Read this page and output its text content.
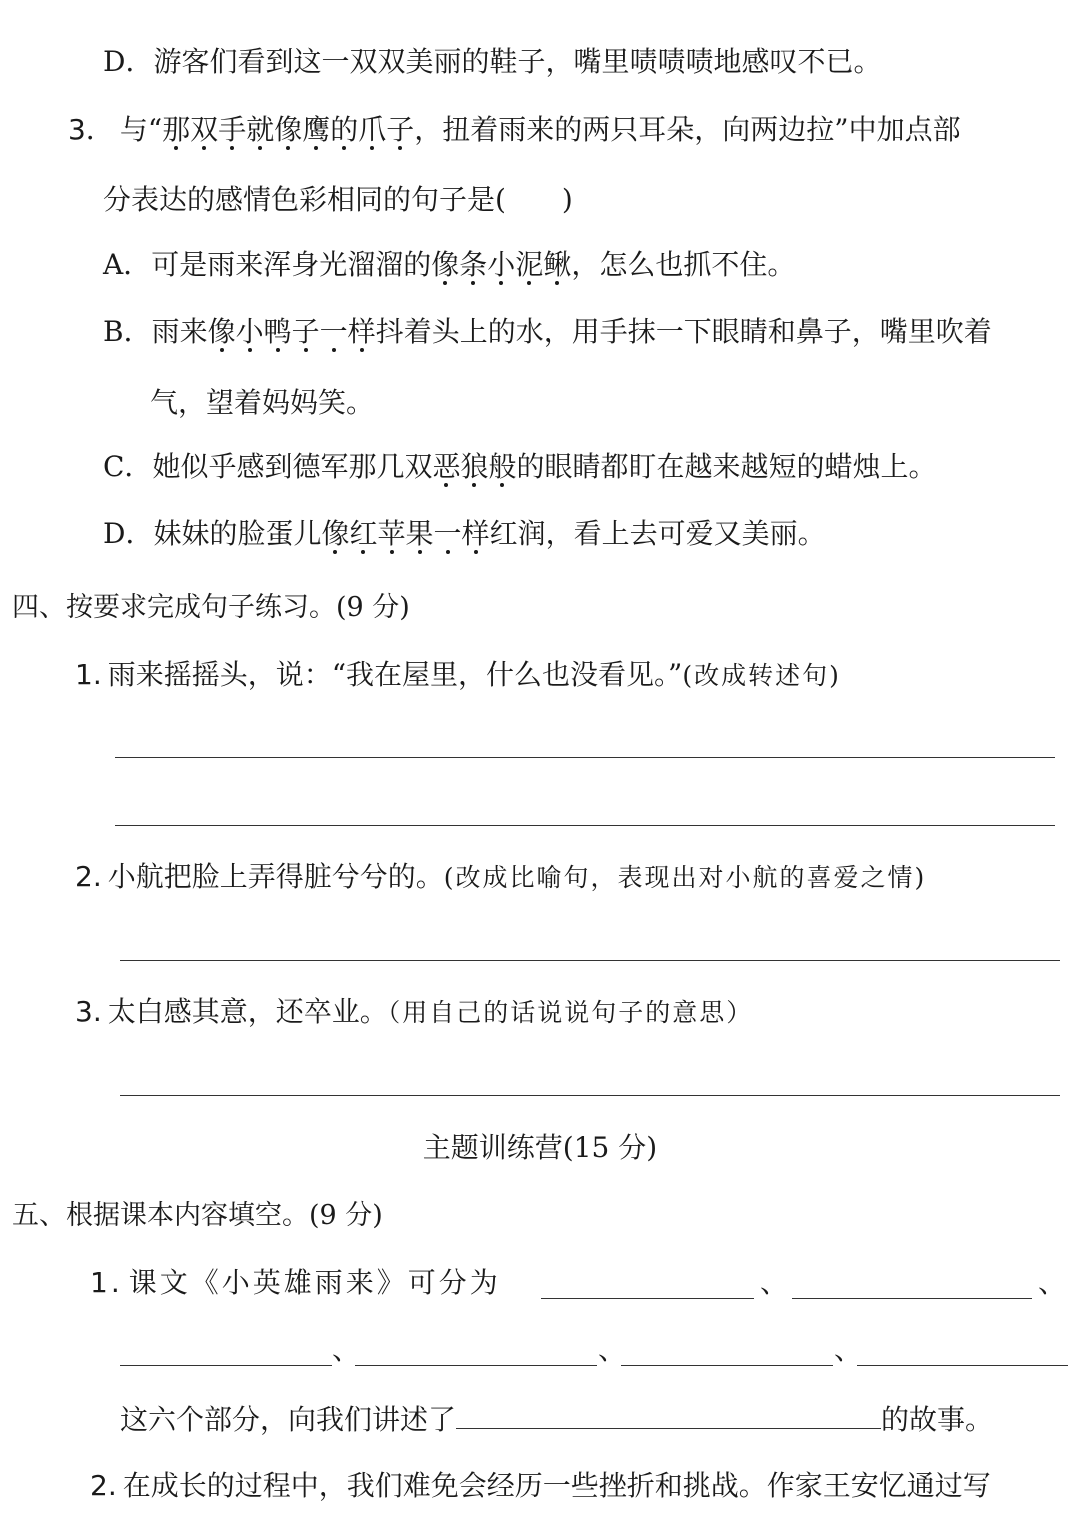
D．游客们看到这一双双美丽的鞋子，嘴里啧啧啧地感叹不已。
3． 与“那双手就像鹰的爪子，扭着雨来的两只耳朵，向两边拉”中加点部
分表达的感情色彩相同的句子是(　　)
A．可是雨来浑身光溜溜的像条小泥鳅，怎么也抓不住。
B．雨来像小鸭子一样抖着头上的水，用手抹一下眼睛和鼻子，嘴里吹着
气，望着妈妈笑。
C．她似乎感到德军那几双恶狼般的眼睛都盯在越来越短的蜡烛上。
D．妹妹的脸蛋儿像红苹果一样红润，看上去可爱又美丽。
四、按要求完成句子练习。(9 分)
1. 雨来摇摇头，说：“我在屋里，什么也没看见。”(改成转述句)
2. 小航把脸上弄得脏兮兮的。(改成比喻句，表现出对小航的喜爱之情)
3. 太白感其意，还卒业。（用自己的话说说句子的意思）
主题训练营(15 分)
五、根据课本内容填空。(9 分)
1. 课文《小英雄雨来》可分为	、	、
、	、	、
这六个部分，向我们讲述了	的故事。
2. 在成长的过程中，我们难免会经历一些挫折和挑战。作家王安忆通过写
